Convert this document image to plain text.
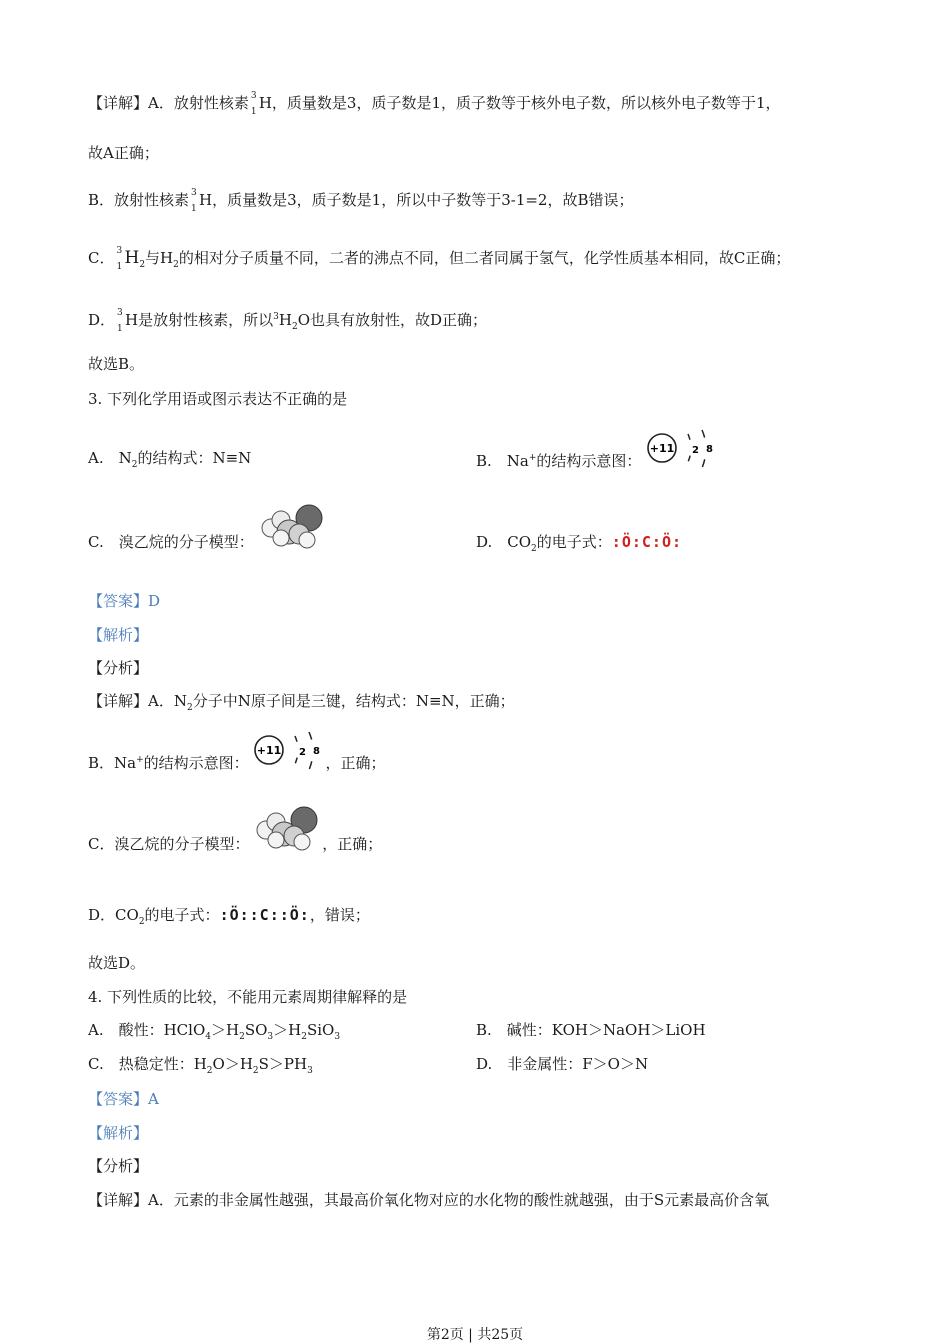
【详解】A．放射性核素 3
1 H，质量数是3，质子数是1，质子数等于核外电子数，所以核外电子数等于1，
故A正确；
B．放射性核素 3
1 H，质量数是3，质子数是1，所以中子数等于3-1=2，故B错误；
C． 3
1 $H_2$与$H_2$的相对分子质量不同，二者的沸点不同，但二者同属于氢气，化学性质基本相同，故C正确；
D． 3
1 H是放射性核素，所以$^3H_2O$也具有放射性，故D正确；
故选B。
3. 下列化学用语或图示表达不正确的是
A.　$N_2$的结构式：N≡N	B.　Na+的结构示意图：
+11 2 8
C.　溴乙烷的分子模型：	D.　$CO_2$的电子式：:Ö:C:Ö:
【答案】D
【解析】
【分析】
【详解】A．$N_2$分子中N原子间是三键，结构式：N≡N，正确；
B．Na+的结构示意图：
+11 2 8
，正确；
C．溴乙烷的分子模型：	，正确；
D．$CO_2$的电子式：:Ö::C::Ö:，错误；
故选D。
4. 下列性质的比较，不能用元素周期律解释的是
A.　酸性：$HClO_4>H_2SO_3>H_2SiO_3$	B.　碱性：KOH＞NaOH＞LiOH
C.　热稳定性：$H_2O>H_2S>PH_3$	D.　非金属性：F＞O＞N
【答案】A
【解析】
【分析】
【详解】A．元素的非金属性越强，其最高价氧化物对应的水化物的酸性就越强，由于S元素最高价含氧
第2页 | 共25页
